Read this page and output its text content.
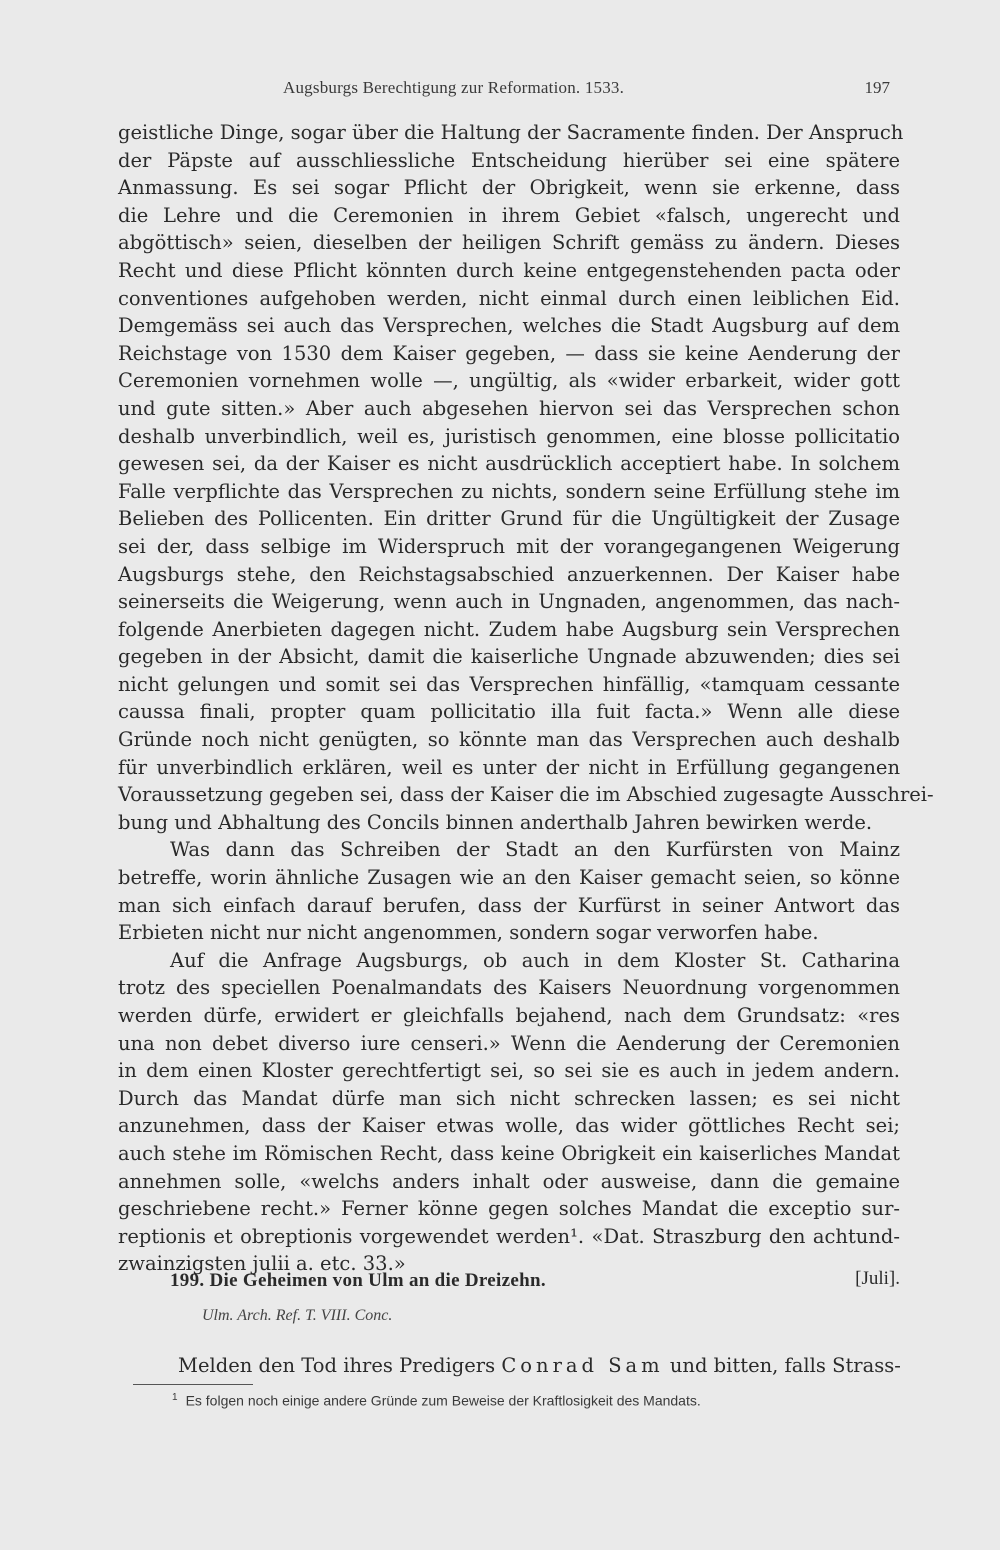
Augsburgs Berechtigung zur Reformation. 1533.	197
geistliche Dinge, sogar über die Haltung der Sacramente finden. Der Anspruch
der Päpste auf ausschliessliche Entscheidung hierüber sei eine spätere
Anmassung. Es sei sogar Pflicht der Obrigkeit, wenn sie erkenne, dass
die Lehre und die Ceremonien in ihrem Gebiet «falsch, ungerecht und
abgöttisch» seien, dieselben der heiligen Schrift gemäss zu ändern. Dieses
Recht und diese Pflicht könnten durch keine entgegenstehenden pacta oder
conventiones aufgehoben werden, nicht einmal durch einen leiblichen Eid.
Demgemäss sei auch das Versprechen, welches die Stadt Augsburg auf dem
Reichstage von 1530 dem Kaiser gegeben, — dass sie keine Aenderung der
Ceremonien vornehmen wolle —, ungültig, als «wider erbarkeit, wider gott
und gute sitten.» Aber auch abgesehen hiervon sei das Versprechen schon
deshalb unverbindlich, weil es, juristisch genommen, eine blosse pollicitatio
gewesen sei, da der Kaiser es nicht ausdrücklich acceptiert habe. In solchem
Falle verpflichte das Versprechen zu nichts, sondern seine Erfüllung stehe im
Belieben des Pollicenten. Ein dritter Grund für die Ungültigkeit der Zusage
sei der, dass selbige im Widerspruch mit der vorangegangenen Weigerung
Augsburgs stehe, den Reichstagsabschied anzuerkennen. Der Kaiser habe
seinerseits die Weigerung, wenn auch in Ungnaden, angenommen, das nach-
folgende Anerbieten dagegen nicht. Zudem habe Augsburg sein Versprechen
gegeben in der Absicht, damit die kaiserliche Ungnade abzuwenden; dies sei
nicht gelungen und somit sei das Versprechen hinfällig, «tamquam cessante
caussa finali, propter quam pollicitatio illa fuit facta.» Wenn alle diese
Gründe noch nicht genügten, so könnte man das Versprechen auch deshalb
für unverbindlich erklären, weil es unter der nicht in Erfüllung gegangenen
Voraussetzung gegeben sei, dass der Kaiser die im Abschied zugesagte Ausschrei-
bung und Abhaltung des Concils binnen anderthalb Jahren bewirken werde.
Was dann das Schreiben der Stadt an den Kurfürsten von Mainz
betreffe, worin ähnliche Zusagen wie an den Kaiser gemacht seien, so könne
man sich einfach darauf berufen, dass der Kurfürst in seiner Antwort das
Erbieten nicht nur nicht angenommen, sondern sogar verworfen habe.
Auf die Anfrage Augsburgs, ob auch in dem Kloster St. Catharina
trotz des speciellen Poenalmandats des Kaisers Neuordnung vorgenommen
werden dürfe, erwidert er gleichfalls bejahend, nach dem Grundsatz: «res
una non debet diverso iure censeri.» Wenn die Aenderung der Ceremonien
in dem einen Kloster gerechtfertigt sei, so sei sie es auch in jedem andern.
Durch das Mandat dürfe man sich nicht schrecken lassen; es sei nicht
anzunehmen, dass der Kaiser etwas wolle, das wider göttliches Recht sei;
auch stehe im Römischen Recht, dass keine Obrigkeit ein kaiserliches Mandat
annehmen solle, «welchs anders inhalt oder ausweise, dann die gemaine
geschriebene recht.» Ferner könne gegen solches Mandat die exceptio sur-
reptionis et obreptionis vorgewendet werden¹. «Dat. Straszburg den achtund-
zwainzigsten julii a. etc. 33.»
199. Die Geheimen von Ulm an die Dreizehn.	[Juli].
Ulm. Arch. Ref. T. VIII. Conc.
Melden den Tod ihres Predigers Conrad Sam und bitten, falls Strass-
$^1$ Es folgen noch einige andere Gründe zum Beweise der Kraftlosigkeit des Mandats.
